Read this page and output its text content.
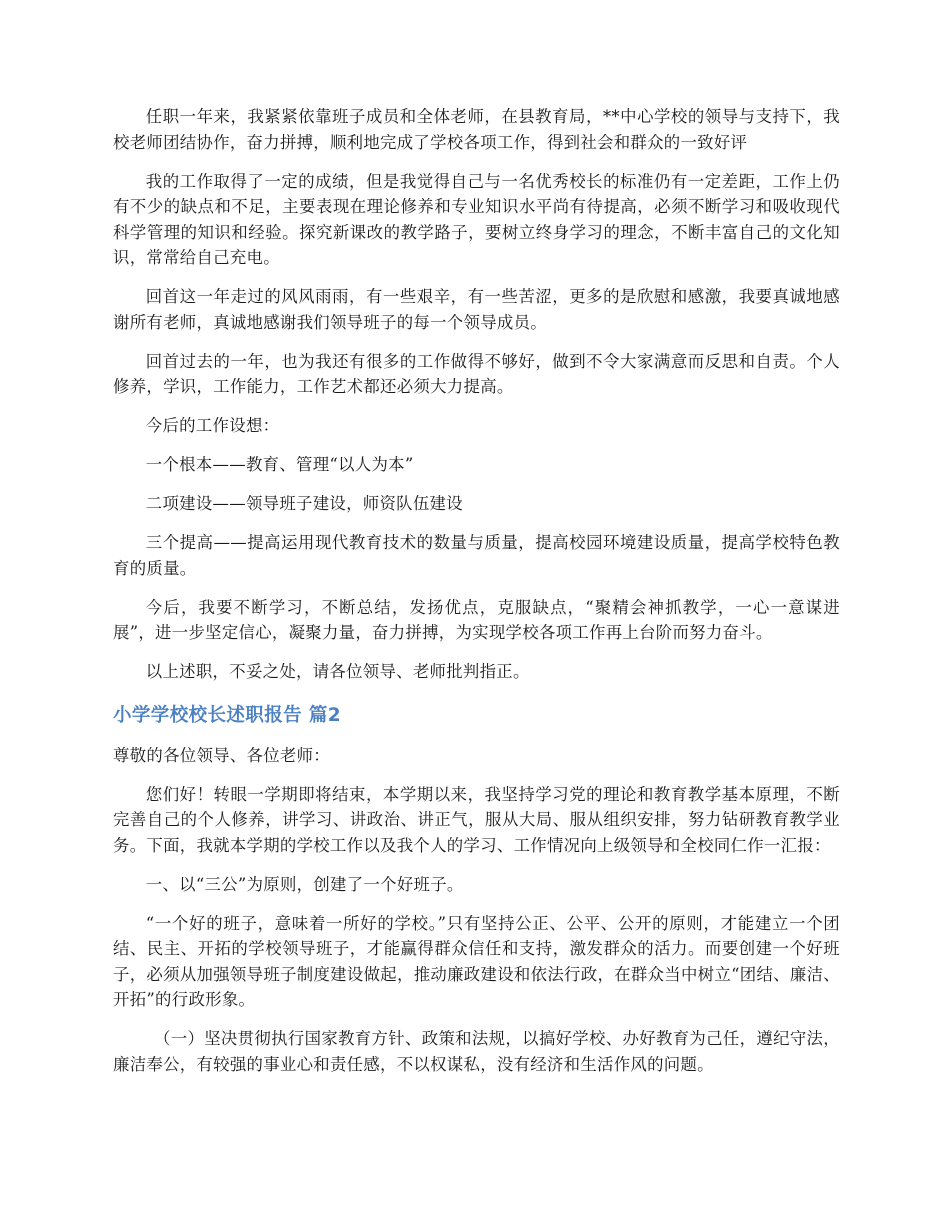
任职一年来，我紧紧依靠班子成员和全体老师，在县教育局，**中心学校的领导与支持下，我校老师团结协作，奋力拼搏，顺利地完成了学校各项工作，得到社会和群众的一致好评

我的工作取得了一定的成绩，但是我觉得自己与一名优秀校长的标准仍有一定差距，工作上仍有不少的缺点和不足，主要表现在理论修养和专业知识水平尚有待提高，必须不断学习和吸收现代科学管理的知识和经验。探究新课改的教学路子，要树立终身学习的理念，不断丰富自己的文化知识，常常给自己充电。

回首这一年走过的风风雨雨，有一些艰辛，有一些苦涩，更多的是欣慰和感激，我要真诚地感谢所有老师，真诚地感谢我们领导班子的每一个领导成员。

回首过去的一年，也为我还有很多的工作做得不够好，做到不令大家满意而反思和自责。个人修养，学识，工作能力，工作艺术都还必须大力提高。

今后的工作设想：

一个根本——教育、管理“以人为本”

二项建设——领导班子建设，师资队伍建设

三个提高——提高运用现代教育技术的数量与质量，提高校园环境建设质量，提高学校特色教育的质量。

今后，我要不断学习，不断总结，发扬优点，克服缺点，“聚精会神抓教学，一心一意谋进展”，进一步坚定信心，凝聚力量，奋力拼搏，为实现学校各项工作再上台阶而努力奋斗。

以上述职，不妥之处，请各位领导、老师批判指正。

小学学校校长述职报告 篇2

尊敬的各位领导、各位老师：

您们好！转眼一学期即将结束，本学期以来，我坚持学习党的理论和教育教学基本原理，不断完善自己的个人修养，讲学习、讲政治、讲正气，服从大局、服从组织安排，努力钻研教育教学业务。下面，我就本学期的学校工作以及我个人的学习、工作情况向上级领导和全校同仁作一汇报：

一、以“三公”为原则，创建了一个好班子。

“一个好的班子，意味着一所好的学校。”只有坚持公正、公平、公开的原则，才能建立一个团结、民主、开拓的学校领导班子，才能赢得群众信任和支持，激发群众的活力。而要创建一个好班子，必须从加强领导班子制度建设做起，推动廉政建设和依法行政，在群众当中树立“团结、廉洁、开拓”的行政形象。

（一）坚决贯彻执行国家教育方针、政策和法规，以搞好学校、办好教育为己任，遵纪守法，廉洁奉公，有较强的事业心和责任感，不以权谋私，没有经济和生活作风的问题。
